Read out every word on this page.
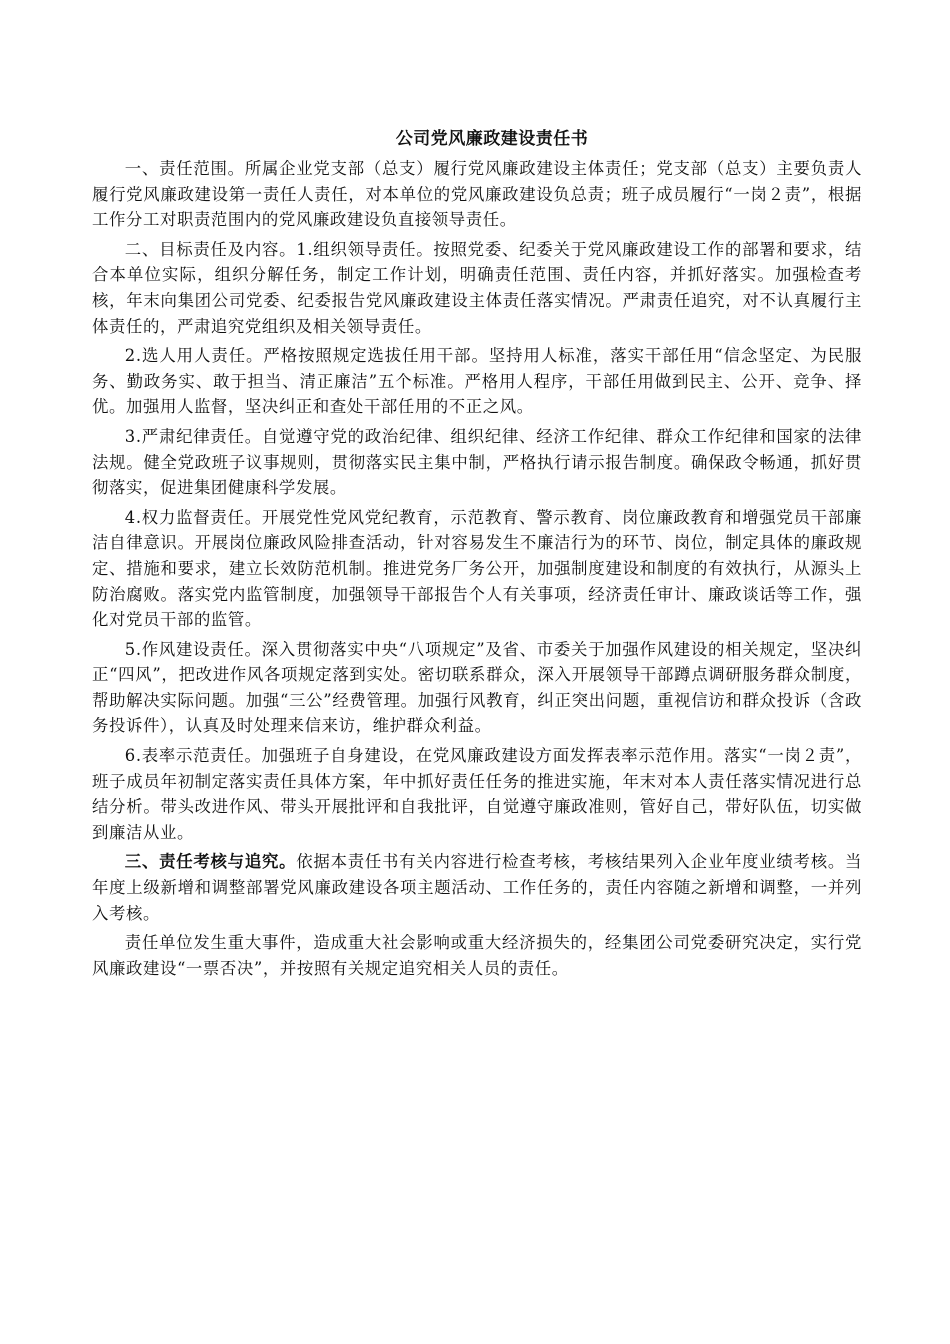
公司党风廉政建设责任书

一、责任范围。所属企业党支部（总支）履行党风廉政建设主体责任；党支部（总支）主要负责人履行党风廉政建设第一责任人责任，对本单位的党风廉政建设负总责；班子成员履行“一岗２责”，根据工作分工对职责范围内的党风廉政建设负直接领导责任。

二、目标责任及内容。1.组织领导责任。按照党委、纪委关于党风廉政建设工作的部署和要求，结合本单位实际，组织分解任务，制定工作计划，明确责任范围、责任内容，并抓好落实。加强检查考核，年末向集团公司党委、纪委报告党风廉政建设主体责任落实情况。严肃责任追究，对不认真履行主体责任的，严肃追究党组织及相关领导责任。

2.选人用人责任。严格按照规定选拔任用干部。坚持用人标准，落实干部任用“信念坚定、为民服务、勤政务实、敢于担当、清正廉洁”五个标准。严格用人程序，干部任用做到民主、公开、竞争、择优。加强用人监督，坚决纠正和查处干部任用的不正之风。

3.严肃纪律责任。自觉遵守党的政治纪律、组织纪律、经济工作纪律、群众工作纪律和国家的法律法规。健全党政班子议事规则，贯彻落实民主集中制，严格执行请示报告制度。确保政令畅通，抓好贯彻落实，促进集团健康科学发展。

4.权力监督责任。开展党性党风党纪教育，示范教育、警示教育、岗位廉政教育和增强党员干部廉洁自律意识。开展岗位廉政风险排查活动，针对容易发生不廉洁行为的环节、岗位，制定具体的廉政规定、措施和要求，建立长效防范机制。推进党务厂务公开，加强制度建设和制度的有效执行，从源头上防治腐败。落实党内监管制度，加强领导干部报告个人有关事项，经济责任审计、廉政谈话等工作，强化对党员干部的监管。

5.作风建设责任。深入贯彻落实中央“八项规定”及省、市委关于加强作风建设的相关规定，坚决纠正“四风”，把改进作风各项规定落到实处。密切联系群众，深入开展领导干部蹲点调研服务群众制度，帮助解决实际问题。加强“三公”经费管理。加强行风教育，纠正突出问题，重视信访和群众投诉（含政务投诉件），认真及时处理来信来访，维护群众利益。

6.表率示范责任。加强班子自身建设，在党风廉政建设方面发挥表率示范作用。落实“一岗２责”，班子成员年初制定落实责任具体方案，年中抓好责任任务的推进实施，年末对本人责任落实情况进行总结分析。带头改进作风、带头开展批评和自我批评，自觉遵守廉政准则，管好自己，带好队伍，切实做到廉洁从业。

三、责任考核与追究。依据本责任书有关内容进行检查考核，考核结果列入企业年度业绩考核。当年度上级新增和调整部署党风廉政建设各项主题活动、工作任务的，责任内容随之新增和调整，一并列入考核。

责任单位发生重大事件，造成重大社会影响或重大经济损失的，经集团公司党委研究决定，实行党风廉政建设“一票否决”，并按照有关规定追究相关人员的责任。
